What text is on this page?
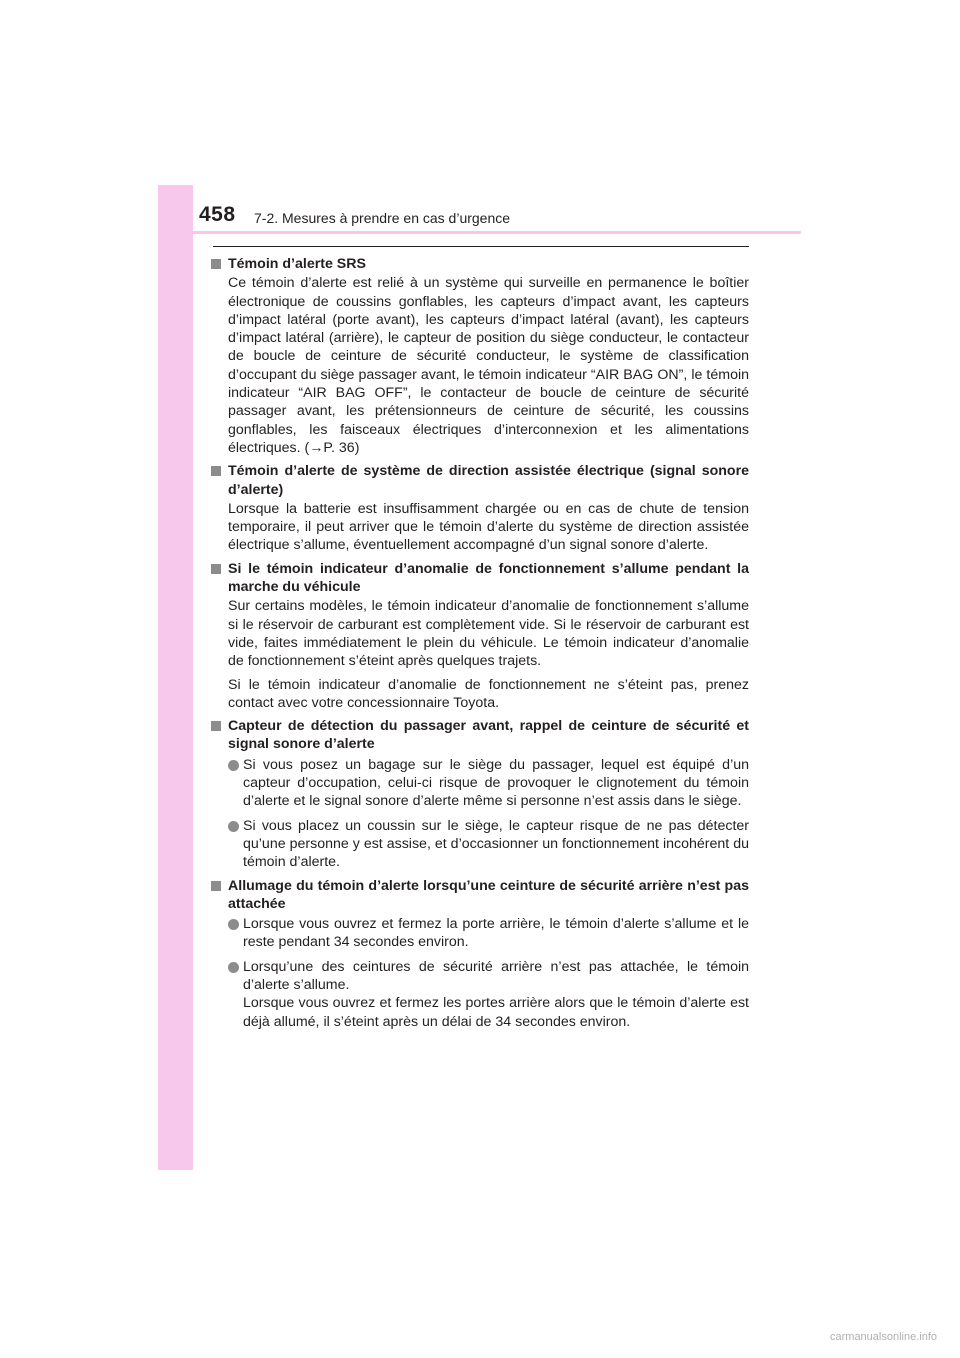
458 7-2. Mesures à prendre en cas d’urgence
Témoin d’alerte SRS
Ce témoin d’alerte est relié à un système qui surveille en permanence le boîtier électronique de coussins gonflables, les capteurs d’impact avant, les capteurs d’impact latéral (porte avant), les capteurs d’impact latéral (avant), les capteurs d’impact latéral (arrière), le capteur de position du siège conducteur, le contacteur de boucle de ceinture de sécurité conducteur, le système de classification d’occupant du siège passager avant, le témoin indicateur “AIR BAG ON”, le témoin indicateur “AIR BAG OFF”, le contacteur de boucle de ceinture de sécurité passager avant, les prétensionneurs de ceinture de sécurité, les coussins gonflables, les faisceaux électriques d’interconnexion et les alimentations électriques. (→P. 36)
Témoin d’alerte de système de direction assistée électrique (signal sonore d’alerte)
Lorsque la batterie est insuffisamment chargée ou en cas de chute de tension temporaire, il peut arriver que le témoin d’alerte du système de direction assistée électrique s’allume, éventuellement accompagné d’un signal sonore d’alerte.
Si le témoin indicateur d’anomalie de fonctionnement s’allume pendant la marche du véhicule
Sur certains modèles, le témoin indicateur d’anomalie de fonctionnement s’allume si le réservoir de carburant est complètement vide. Si le réservoir de carburant est vide, faites immédiatement le plein du véhicule. Le témoin indicateur d’anomalie de fonctionnement s’éteint après quelques trajets.
Si le témoin indicateur d’anomalie de fonctionnement ne s’éteint pas, prenez contact avec votre concessionnaire Toyota.
Capteur de détection du passager avant, rappel de ceinture de sécurité et signal sonore d’alerte
Si vous posez un bagage sur le siège du passager, lequel est équipé d’un capteur d’occupation, celui-ci risque de provoquer le clignotement du témoin d’alerte et le signal sonore d’alerte même si personne n’est assis dans le siège.
Si vous placez un coussin sur le siège, le capteur risque de ne pas détecter qu’une personne y est assise, et d’occasionner un fonctionnement incohérent du témoin d’alerte.
Allumage du témoin d’alerte lorsqu’une ceinture de sécurité arrière n’est pas attachée
Lorsque vous ouvrez et fermez la porte arrière, le témoin d’alerte s’allume et le reste pendant 34 secondes environ.
Lorsqu’une des ceintures de sécurité arrière n’est pas attachée, le témoin d’alerte s’allume.
Lorsque vous ouvrez et fermez les portes arrière alors que le témoin d’alerte est déjà allumé, il s’éteint après un délai de 34 secondes environ.
carmanualsonline.info
